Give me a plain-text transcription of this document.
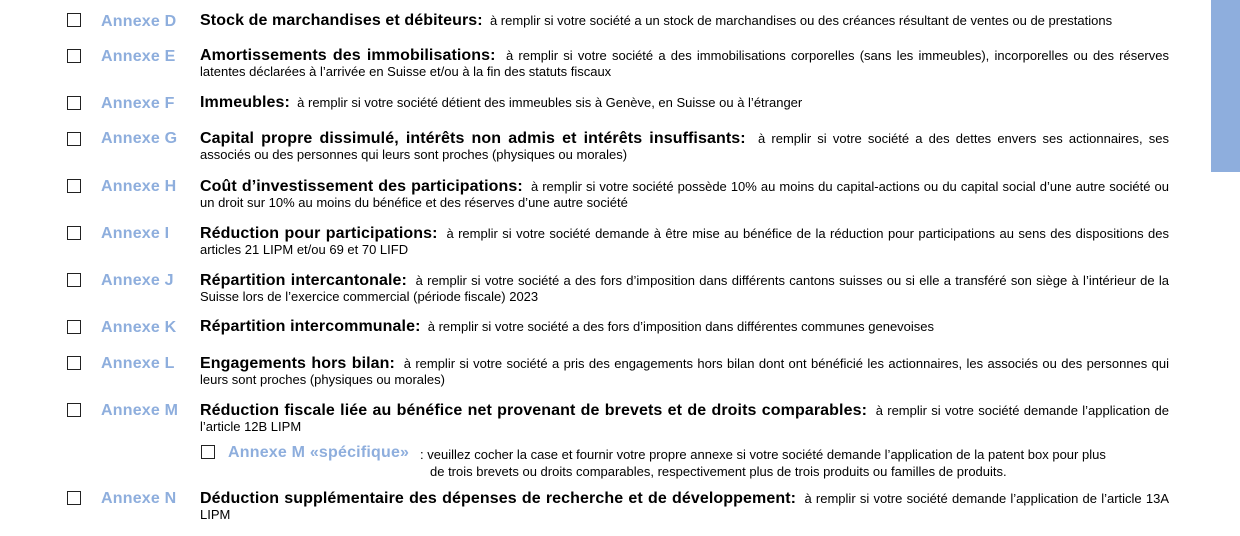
Annexe D Stock de marchandises et débiteurs: à remplir si votre société a un stock de marchandises ou des créances résultant de ventes ou de prestations
Annexe E Amortissements des immobilisations: à remplir si votre société a des immobilisations corporelles (sans les immeubles), incorporelles ou des réserves latentes déclarées à l’arrivée en Suisse et/ou à la fin des statuts fiscaux
Annexe F Immeubles: à remplir si votre société détient des immeubles sis à Genève, en Suisse ou à l’étranger
Annexe G Capital propre dissimulé, intérêts non admis et intérêts insuffisants: à remplir si votre société a des dettes envers ses actionnaires, ses associés ou des personnes qui leurs sont proches (physiques ou morales)
Annexe H Coût d’investissement des participations: à remplir si votre société possède 10% au moins du capital-actions ou du capital social d’une autre société ou un droit sur 10% au moins du bénéfice et des réserves d’une autre société
Annexe I Réduction pour participations: à remplir si votre société demande à être mise au bénéfice de la réduction pour participations au sens des dispositions des articles 21 LIPM et/ou 69 et 70 LIFD
Annexe J Répartition intercantonale: à remplir si votre société a des fors d’imposition dans différents cantons suisses ou si elle a transféré son siège à l’intérieur de la Suisse lors de l’exercice commercial (période fiscale) 2023
Annexe K Répartition intercommunale: à remplir si votre société a des fors d’imposition dans différentes communes genevoises
Annexe L Engagements hors bilan: à remplir si votre société a pris des engagements hors bilan dont ont bénéficié les actionnaires, les associés ou des personnes qui leurs sont proches (physiques ou morales)
Annexe M Réduction fiscale liée au bénéfice net provenant de brevets et de droits comparables: à remplir si votre société demande l’application de l’article 12B LIPM
Annexe M «spécifique» : veuillez cocher la case et fournir votre propre annexe si votre société demande l’application de la patent box pour plus
de trois brevets ou droits comparables, respectivement plus de trois produits ou familles de produits.
Annexe N Déduction supplémentaire des dépenses de recherche et de développement: à remplir si votre société demande l’application de l’article 13A LIPM
